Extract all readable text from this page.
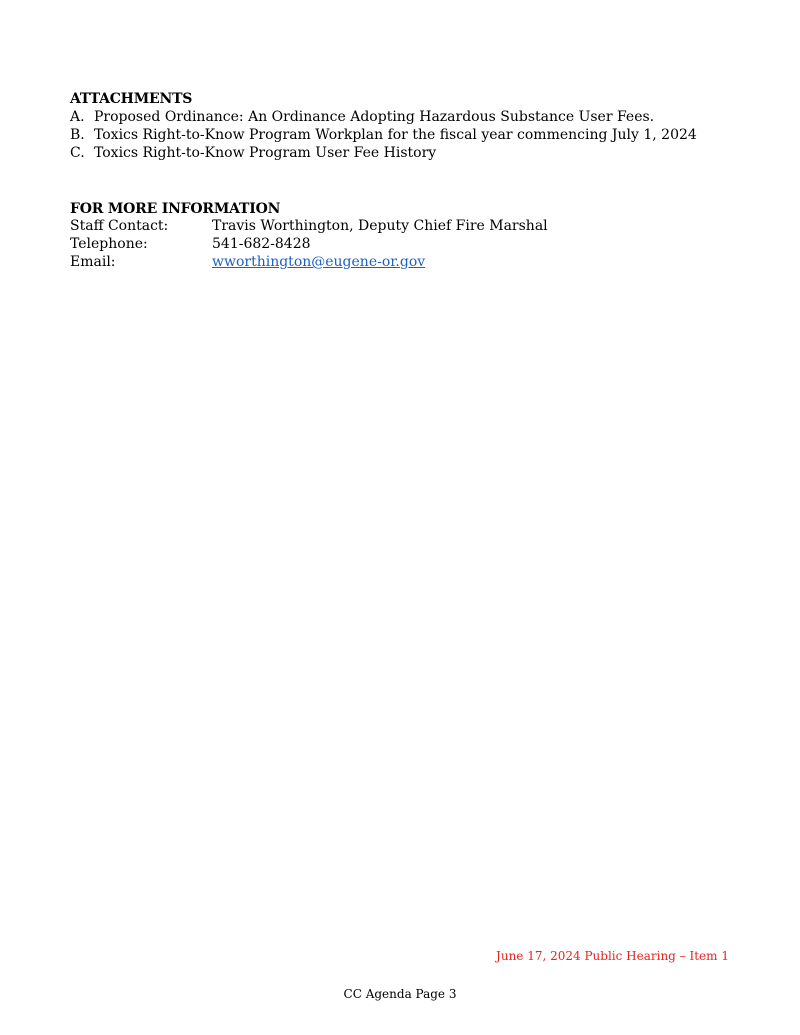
ATTACHMENTS
A. Proposed Ordinance: An Ordinance Adopting Hazardous Substance User Fees.
B. Toxics Right-to-Know Program Workplan for the fiscal year commencing July 1, 2024
C. Toxics Right-to-Know Program User Fee History
FOR MORE INFORMATION
Staff Contact:	Travis Worthington, Deputy Chief Fire Marshal
Telephone:	541-682-8428
Email:	wworthington@eugene-or.gov
June 17, 2024 Public Hearing – Item 1
CC Agenda Page 3
